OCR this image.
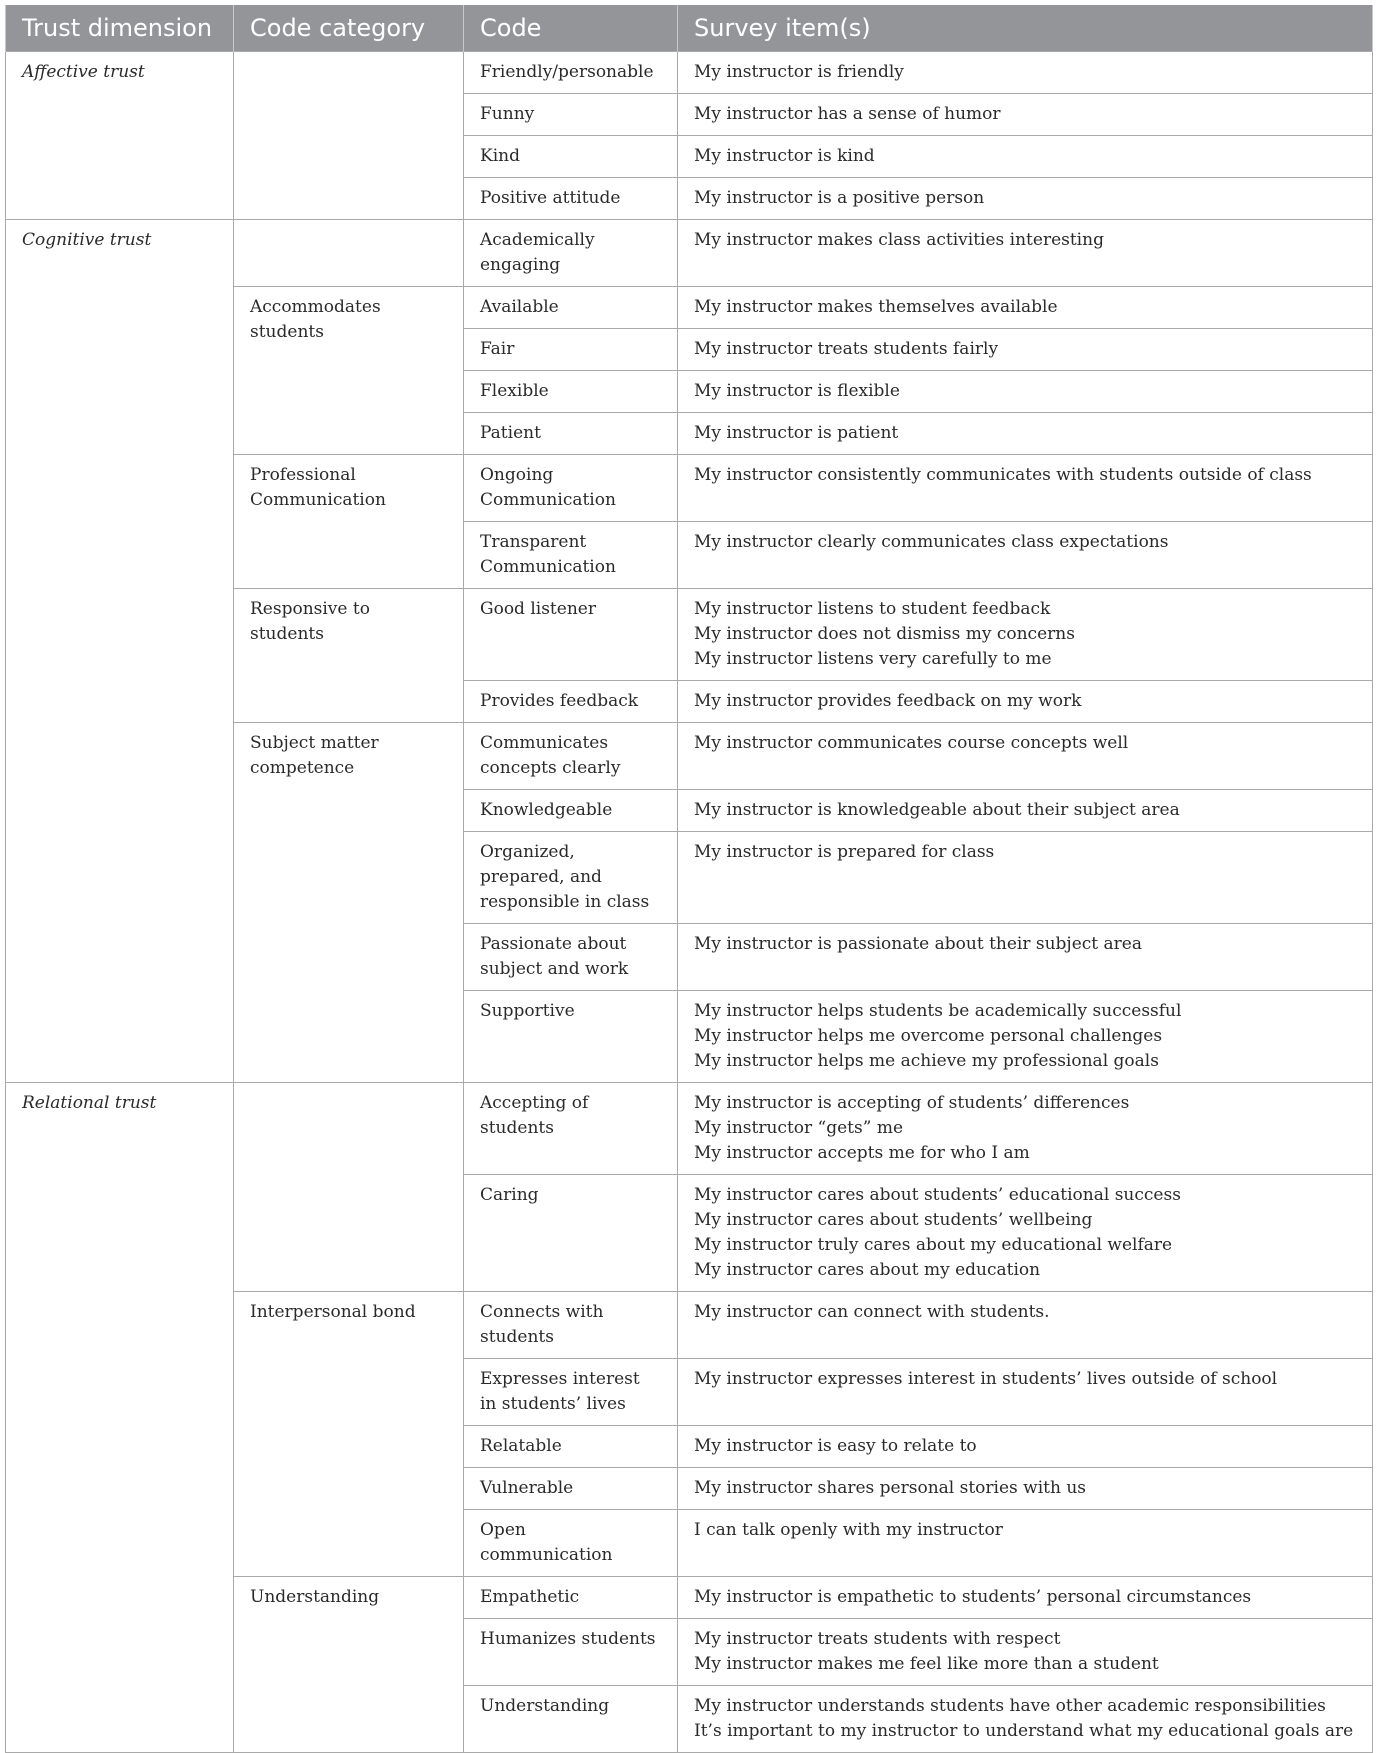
Trust dimension	Code category	Code	Survey item(s)
Affective trust		Friendly/personable	My instructor is friendly

		Funny	My instructor has a sense of humor

		Kind	My instructor is kind

		Positive attitude	My instructor is a positive person

Cognitive trust		Academically engaging	My instructor makes class activities interesting

	Accommodates students	Available	My instructor makes themselves available

		Fair	My instructor treats students fairly

		Flexible	My instructor is flexible

		Patient	My instructor is patient

	Professional Communication	Ongoing Communication	My instructor consistently communicates with students outside of class

		Transparent Communication	My instructor clearly communicates class expectations

	Responsive to students	Good listener	My instructor listens to student feedback
My instructor does not dismiss my concerns
My instructor listens very carefully to me

		Provides feedback	My instructor provides feedback on my work

	Subject matter competence	Communicates concepts clearly	My instructor communicates course concepts well

		Knowledgeable	My instructor is knowledgeable about their subject area

		Organized, prepared, and responsible in class	My instructor is prepared for class

		Passionate about subject and work	My instructor is passionate about their subject area

		Supportive	My instructor helps students be academically successful
My instructor helps me overcome personal challenges
My instructor helps me achieve my professional goals

Relational trust		Accepting of students	My instructor is accepting of students’ differences
My instructor “gets” me
My instructor accepts me for who I am

		Caring	My instructor cares about students’ educational success
My instructor cares about students’ wellbeing
My instructor truly cares about my educational welfare
My instructor cares about my education

	Interpersonal bond	Connects with students	My instructor can connect with students.

		Expresses interest in students’ lives	My instructor expresses interest in students’ lives outside of school

		Relatable	My instructor is easy to relate to

		Vulnerable	My instructor shares personal stories with us

		Open communication	I can talk openly with my instructor

	Understanding	Empathetic	My instructor is empathetic to students’ personal circumstances

		Humanizes students	My instructor treats students with respect
My instructor makes me feel like more than a student

		Understanding	My instructor understands students have other academic responsibilities
It’s important to my instructor to understand what my educational goals are
